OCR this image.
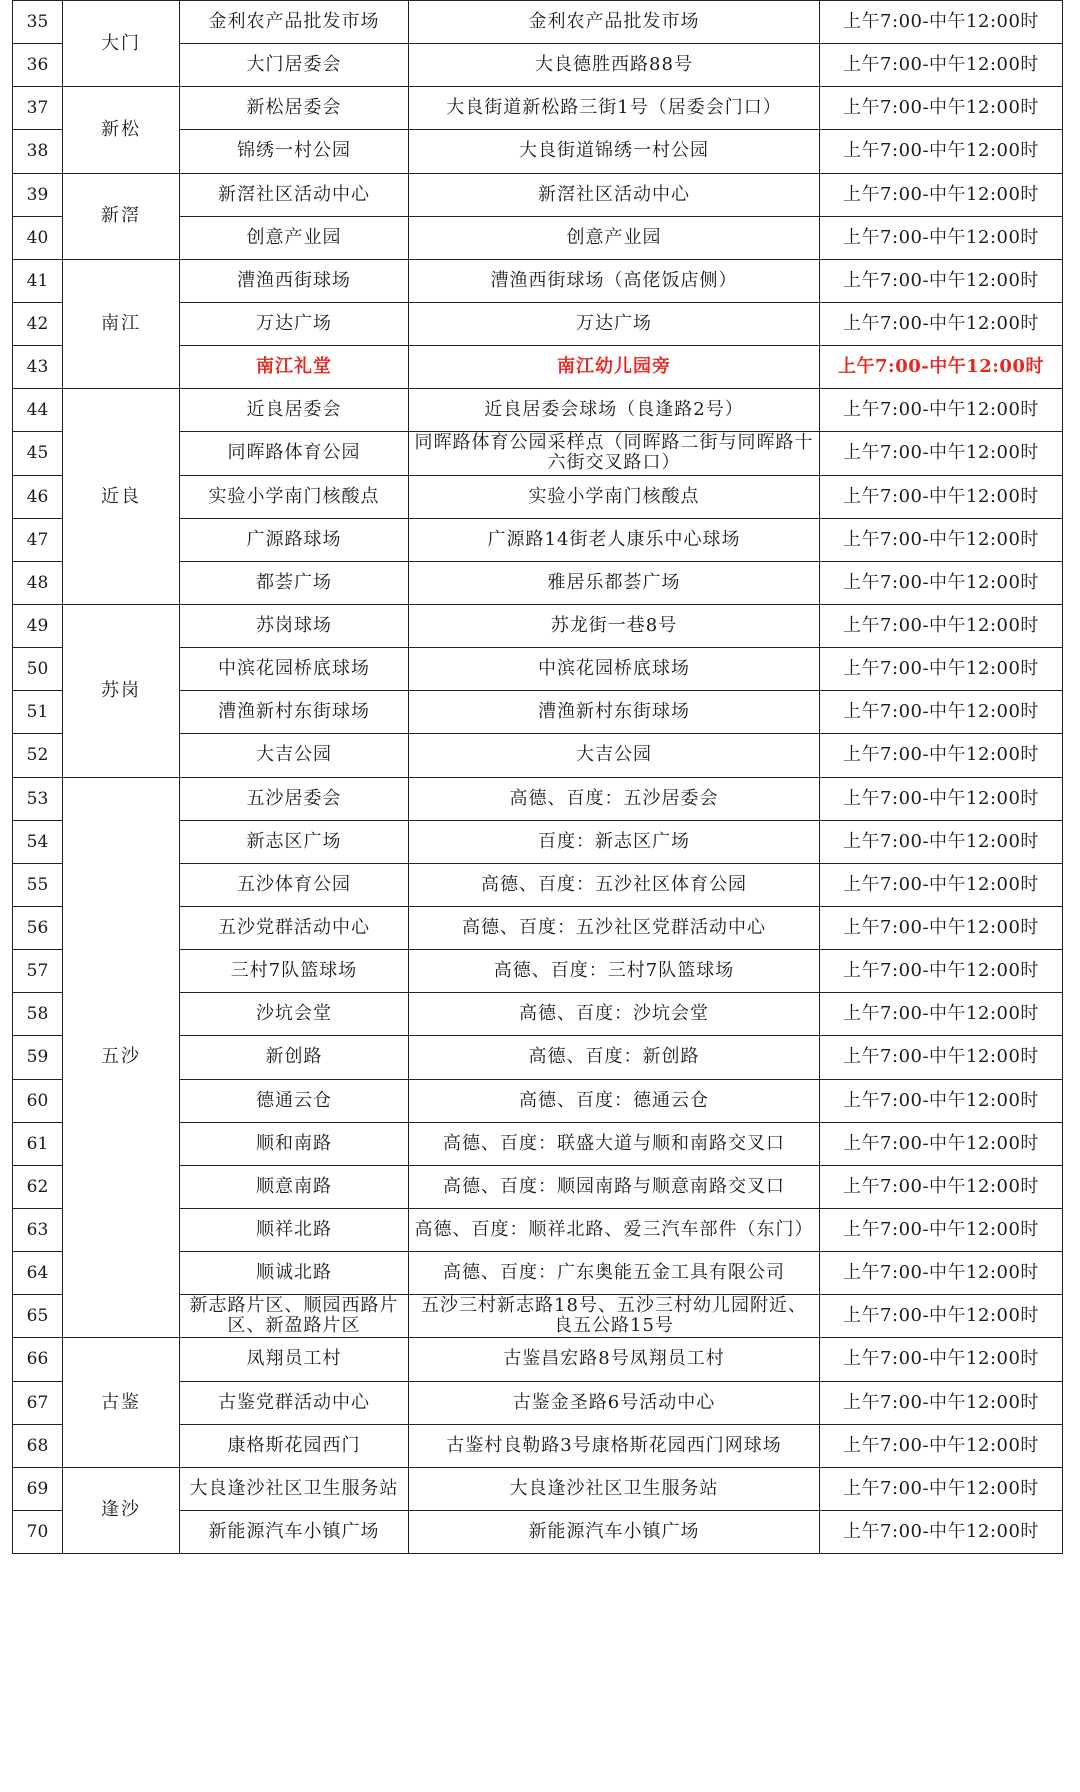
35	大门	金利农产品批发市场	金利农产品批发市场	上午7:00-中午12:00时
36		大门居委会	大良德胜西路88号	上午7:00-中午12:00时
37	新松	新松居委会	大良街道新松路三街1号（居委会门口）	上午7:00-中午12:00时
38		锦绣一村公园	大良街道锦绣一村公园	上午7:00-中午12:00时
39	新滘	新滘社区活动中心	新滘社区活动中心	上午7:00-中午12:00时
40		创意产业园	创意产业园	上午7:00-中午12:00时
41	南江	漕渔西街球场	漕渔西街球场（高佬饭店侧）	上午7:00-中午12:00时
42		万达广场	万达广场	上午7:00-中午12:00时
43		南江礼堂	南江幼儿园旁	上午7:00-中午12:00时
44	近良	近良居委会	近良居委会球场（良逢路2号）	上午7:00-中午12:00时
45		同晖路体育公园	同晖路体育公园采样点（同晖路二街与同晖路十六街交叉路口）	上午7:00-中午12:00时
46		实验小学南门核酸点	实验小学南门核酸点	上午7:00-中午12:00时
47		广源路球场	广源路14街老人康乐中心球场	上午7:00-中午12:00时
48		都荟广场	雅居乐都荟广场	上午7:00-中午12:00时
49	苏岗	苏岗球场	苏龙街一巷8号	上午7:00-中午12:00时
50		中滨花园桥底球场	中滨花园桥底球场	上午7:00-中午12:00时
51		漕渔新村东街球场	漕渔新村东街球场	上午7:00-中午12:00时
52		大吉公园	大吉公园	上午7:00-中午12:00时
53	五沙	五沙居委会	高德、百度：五沙居委会	上午7:00-中午12:00时
54		新志区广场	百度：新志区广场	上午7:00-中午12:00时
55		五沙体育公园	高德、百度：五沙社区体育公园	上午7:00-中午12:00时
56		五沙党群活动中心	高德、百度：五沙社区党群活动中心	上午7:00-中午12:00时
57		三村7队篮球场	高德、百度：三村7队篮球场	上午7:00-中午12:00时
58		沙坑会堂	高德、百度：沙坑会堂	上午7:00-中午12:00时
59		新创路	高德、百度：新创路	上午7:00-中午12:00时
60		德通云仓	高德、百度：德通云仓	上午7:00-中午12:00时
61		顺和南路	高德、百度：联盛大道与顺和南路交叉口	上午7:00-中午12:00时
62		顺意南路	高德、百度：顺园南路与顺意南路交叉口	上午7:00-中午12:00时
63		顺祥北路	高德、百度：顺祥北路、爱三汽车部件（东门）	上午7:00-中午12:00时
64		顺诚北路	高德、百度：广东奥能五金工具有限公司	上午7:00-中午12:00时
65		新志路片区、顺园西路片区、新盈路片区	五沙三村新志路18号、五沙三村幼儿园附近、良五公路15号	上午7:00-中午12:00时
66	古鉴	凤翔员工村	古鉴昌宏路8号凤翔员工村	上午7:00-中午12:00时
67		古鉴党群活动中心	古鉴金圣路6号活动中心	上午7:00-中午12:00时
68		康格斯花园西门	古鉴村良勒路3号康格斯花园西门网球场	上午7:00-中午12:00时
69	逢沙	大良逢沙社区卫生服务站	大良逢沙社区卫生服务站	上午7:00-中午12:00时
70		新能源汽车小镇广场	新能源汽车小镇广场	上午7:00-中午12:00时
